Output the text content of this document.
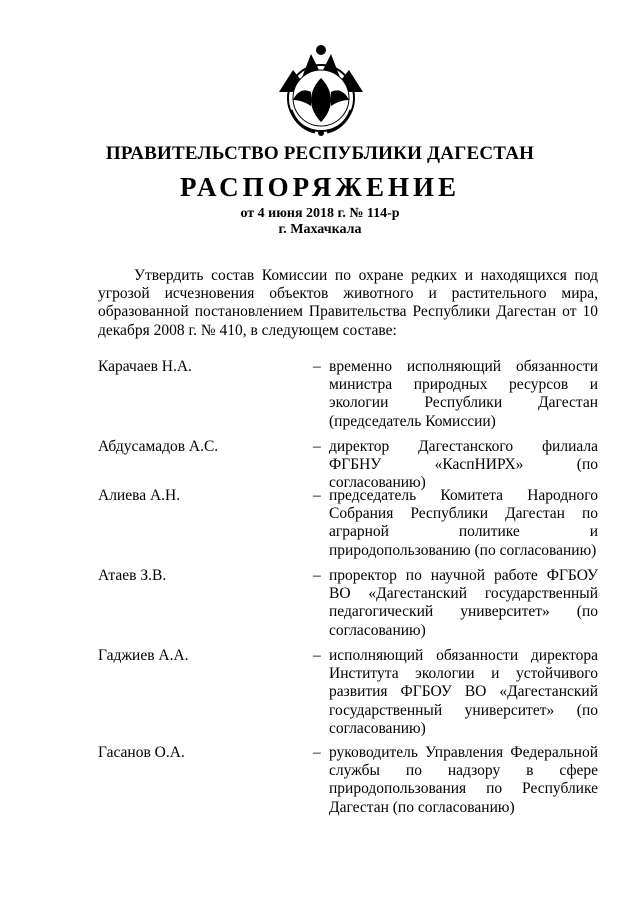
ПРАВИТЕЛЬСТВО РЕСПУБЛИКИ ДАГЕСТАН
РАСПОРЯЖЕНИЕ
от 4 июня 2018 г. № 114-р
г. Махачкала
Утвердить состав Комиссии по охране редких и находящихся под угрозой исчезновения объектов животного и растительного мира, образованной постановлением Правительства Республики Дагестан от 10 декабря 2008 г. № 410, в следующем составе:
Карачаев Н.А.	– временно исполняющий обязанности министра природных ресурсов и экологии Республики Дагестан (председатель Комиссии)
Абдусамадов А.С.	– директор Дагестанского филиала ФГБНУ «КаспНИРХ» (по согласованию)
Алиева А.Н.	– председатель Комитета Народного Собрания Республики Дагестан по аграрной политике и природопользованию (по согласованию)
Атаев З.В.	– проректор по научной работе ФГБОУ ВО «Дагестанский государственный педагогический университет» (по согласованию)
Гаджиев А.А.	– исполняющий обязанности директора Института экологии и устойчивого развития ФГБОУ ВО «Дагестанский государственный университет» (по согласованию)
Гасанов О.А.	– руководитель Управления Федеральной службы по надзору в сфере природопользования по Республике Дагестан (по согласованию)
